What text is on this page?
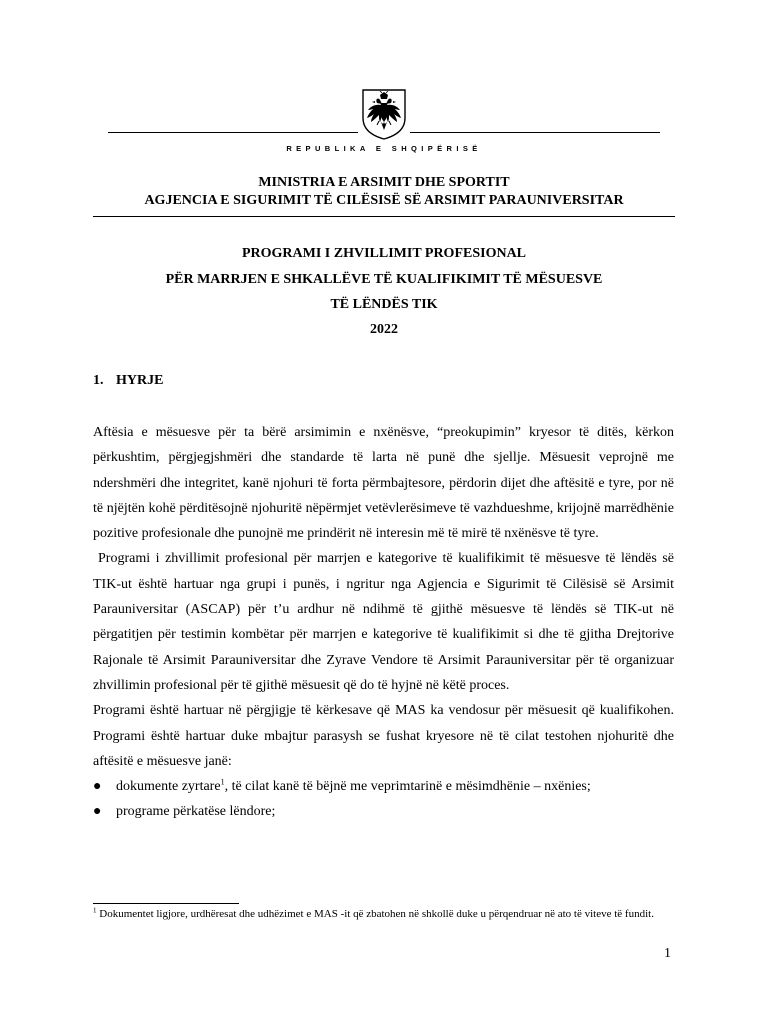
REPUBLIKA E SHQIPËRISË
MINISTRIA E ARSIMIT DHE SPORTIT
AGJENCIA E SIGURIMIT TË CILËSISË SË ARSIMIT PARAUNIVERSITAR
PROGRAMI I ZHVILLIMIT PROFESIONAL
PËR MARRJEN E SHKALLËVE TË KUALIFIKIMIT TË MËSUESVE
TË LËNDËS TIK
2022
1. HYRJE

Aftësia e mësuesve për ta bërë arsimimin e nxënësve, “preokupimin” kryesor të ditës, kërkon përkushtim, përgjegjshmëri dhe standarde të larta në punë dhe sjellje. Mësuesit veprojnë me ndershmëri dhe integritet, kanë njohuri të forta përmbajtesore, përdorin dijet dhe aftësitë e tyre, por në të njëjtën kohë përditësojnë njohuritë nëpërmjet vetëvlerësimeve të vazhdueshme, krijojnë marrëdhënie pozitive profesionale dhe punojnë me prindërit në interesin më të mirë të nxënësve të tyre.

Programi i zhvillimit profesional për marrjen e kategorive të kualifikimit të mësuesve të lëndës së TIK-ut është hartuar nga grupi i punës, i ngritur nga Agjencia e Sigurimit të Cilësisë së Arsimit Parauniversitar (ASCAP) për t’u ardhur në ndihmë të gjithë mësuesve të lëndës së TIK-ut në përgatitjen për testimin kombëtar për marrjen e kategorive të kualifikimit si dhe të gjitha Drejtorive Rajonale të Arsimit Parauniversitar dhe Zyrave Vendore të Arsimit Parauniversitar për të organizuar zhvillimin profesional për të gjithë mësuesit që do të hyjnë në këtë proces.

Programi është hartuar në përgjigje të kërkesave që MAS ka vendosur për mësuesit që kualifikohen. Programi është hartuar duke mbajtur parasysh se fushat kryesore në të cilat testohen njohuritë dhe aftësitë e mësuesve janë:

● dokumente zyrtare$^1$, të cilat kanë të bëjnë me veprimtarinë e mësimdhënie – nxënies;
● programe përkatëse lëndore;
$^1$ Dokumentet ligjore, urdhëresat dhe udhëzimet e MAS -it që zbatohen në shkollë duke u përqendruar në ato të viteve të fundit.
1
